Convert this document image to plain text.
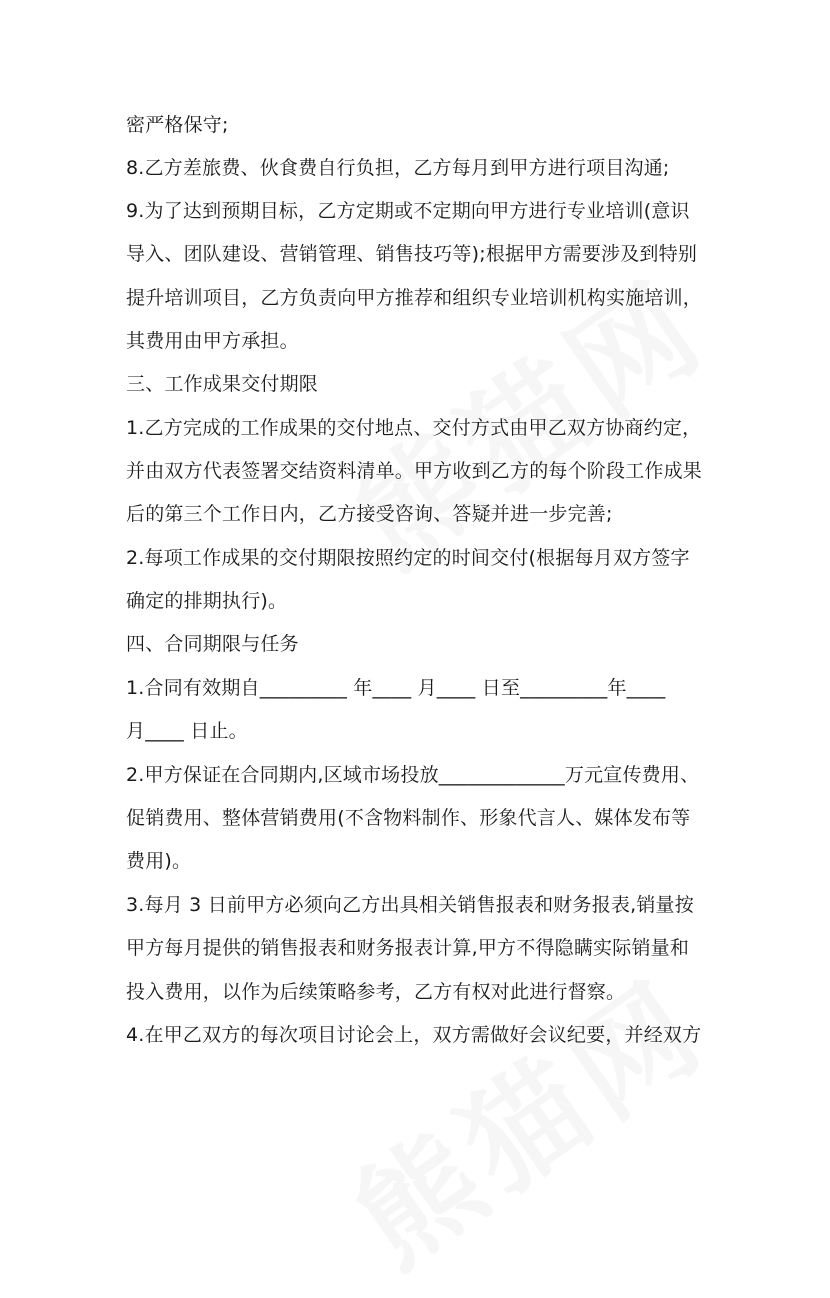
密严格保守;
8.乙方差旅费、伙食费自行负担，乙方每月到甲方进行项目沟通;
9.为了达到预期目标，乙方定期或不定期向甲方进行专业培训(意识
导入、团队建设、营销管理、销售技巧等);根据甲方需要涉及到特别
提升培训项目，乙方负责向甲方推荐和组织专业培训机构实施培训，
其费用由甲方承担。
三、工作成果交付期限
1.乙方完成的工作成果的交付地点、交付方式由甲乙双方协商约定，
并由双方代表签署交结资料清单。甲方收到乙方的每个阶段工作成果
后的第三个工作日内，乙方接受咨询、答疑并进一步完善;
2.每项工作成果的交付期限按照约定的时间交付(根据每月双方签字
确定的排期执行)。
四、合同期限与任务
1.合同有效期自_________ 年____ 月____ 日至_________年____
月____ 日止。
2.甲方保证在合同期内,区域市场投放_____________万元宣传费用、
促销费用、整体营销费用(不含物料制作、形象代言人、媒体发布等
费用)。
3.每月 3 日前甲方必须向乙方出具相关销售报表和财务报表,销量按
甲方每月提供的销售报表和财务报表计算,甲方不得隐瞒实际销量和
投入费用，以作为后续策略参考，乙方有权对此进行督察。
4.在甲乙双方的每次项目讨论会上，双方需做好会议纪要，并经双方
